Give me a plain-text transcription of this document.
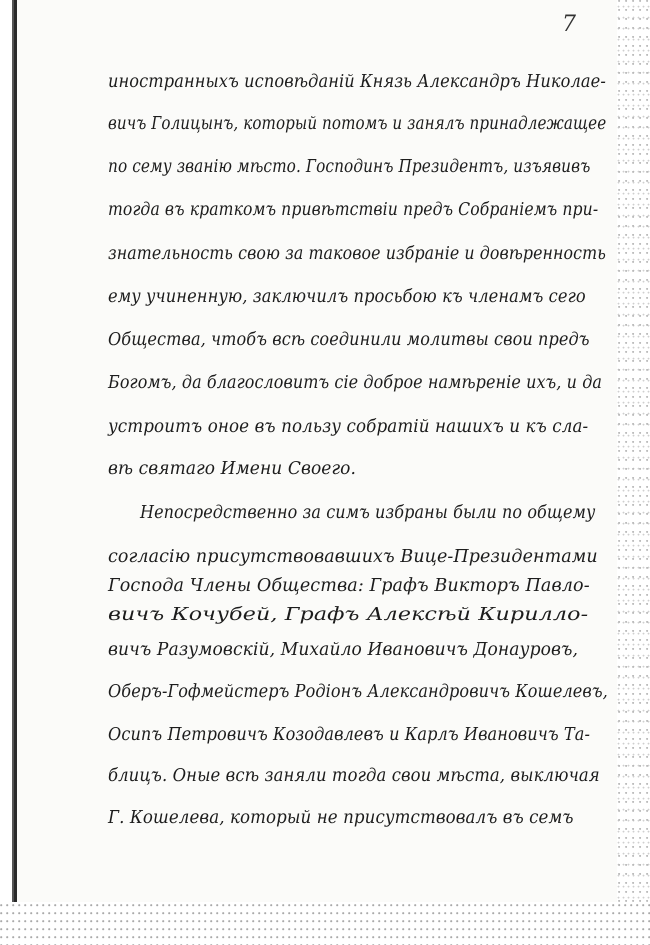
7
иностранныхъ исповѣданій Князь Александръ Николае-
вичъ Голицынъ, который потомъ и занялъ принадлежащее
по сему званію мѣсто. Господинъ Президентъ, изъявивъ
тогда въ краткомъ привѣтствіи предъ Собраніемъ при-
знательность свою за таковое избраніе и довѣренность
ему учиненную, заключилъ просьбою къ членамъ сего
Общества, чтобъ всѣ соединили молитвы свои предъ
Богомъ, да благословитъ сіе доброе намѣреніе ихъ, и да
устроитъ оное въ пользу собратій нашихъ и къ сла-
вѣ святаго Имени Своего.
Непосредственно за симъ избраны были по общему
согласію присутствовавшихъ Вице-Президентами
Господа Члены Общества: Графъ Викторъ Павло-
вичъ Кочубей, Графъ Алексѣй Кирилло-
вичъ Разумовскій, Михайло Ивановичъ Донауровъ,
Оберъ-Гофмейстеръ Родіонъ Александровичъ Кошелевъ,
Осипъ Петровичъ Козодавлевъ и Карлъ Ивановичъ Та-
блицъ. Оные всѣ заняли тогда свои мѣста, выключая
Г. Кошелева, который не присутствовалъ въ семъ
